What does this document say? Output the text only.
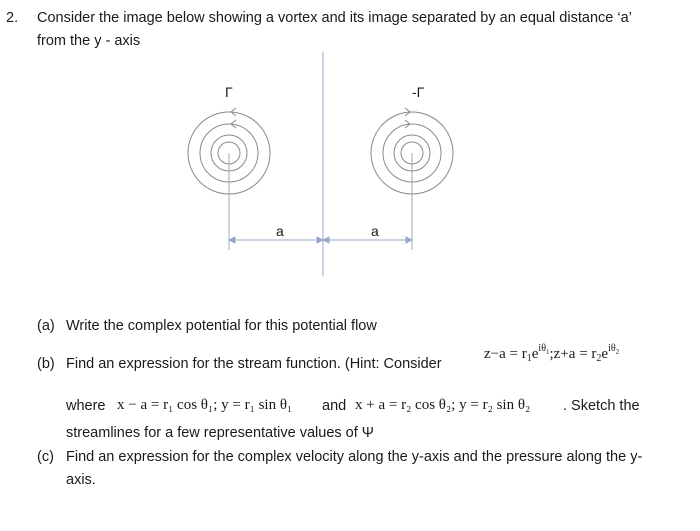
2. Consider the image below showing a vortex and its image separated by an equal distance ‘a’
from the y - axis
Γ	-Γ
a	a
(a) Write the complex potential for this potential flow
(b) Find an expression for the stream function. (Hint: Consider
$z-a = r_1e^{i\theta 1};z+a = r_2e^{i\theta 2}$
where x − a = r₁ cos θ₁; y = r₁ sin θ₁ and x + a = r₂ cos θ₂; y = r₂ sin θ₂ . Sketch the
streamlines for a few representative values of Ψ
(c) Find an expression for the complex velocity along the y-axis and the pressure along the y-
axis.
